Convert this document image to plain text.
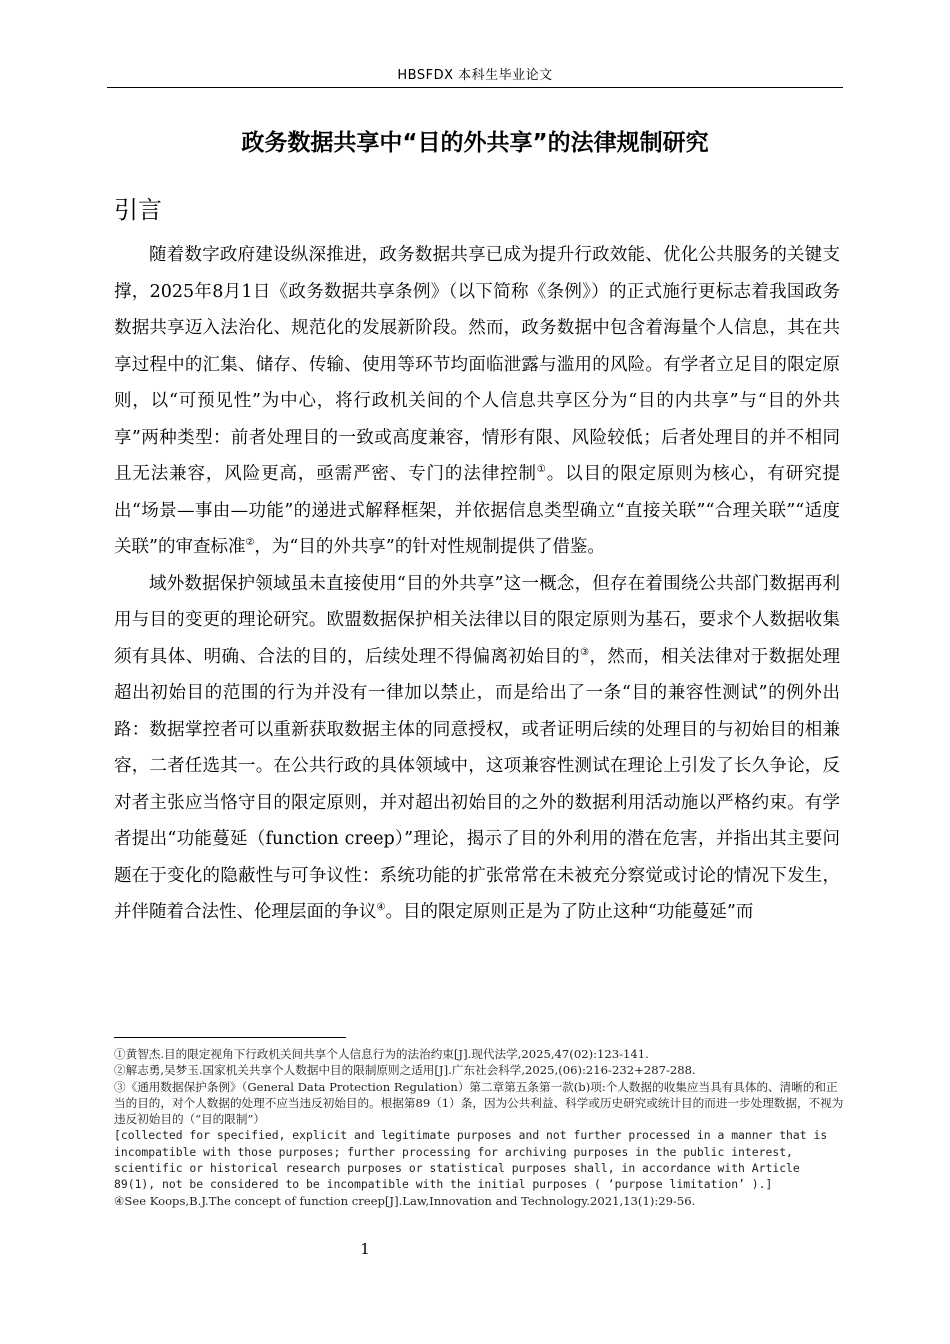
HBSFDX 本科生毕业论文
政务数据共享中“目的外共享”的法律规制研究
引言

随着数字政府建设纵深推进，政务数据共享已成为提升行政效能、优化公共服务的关键支撑，2025年8月1日《政务数据共享条例》（以下简称《条例》）的正式施行更标志着我国政务数据共享迈入法治化、规范化的发展新阶段。然而，政务数据中包含着海量个人信息，其在共享过程中的汇集、储存、传输、使用等环节均面临泄露与滥用的风险。有学者立足目的限定原则，以“可预见性”为中心，将行政机关间的个人信息共享区分为“目的内共享”与“目的外共享”两种类型：前者处理目的一致或高度兼容，情形有限、风险较低；后者处理目的并不相同且无法兼容，风险更高，亟需严密、专门的法律控制①。以目的限定原则为核心，有研究提出“场景—事由—功能”的递进式解释框架，并依据信息类型确立“直接关联”“合理关联”“适度关联”的审查标准②，为“目的外共享”的针对性规制提供了借鉴。

域外数据保护领域虽未直接使用“目的外共享”这一概念，但存在着围绕公共部门数据再利用与目的变更的理论研究。欧盟数据保护相关法律以目的限定原则为基石，要求个人数据收集须有具体、明确、合法的目的，后续处理不得偏离初始目的③，然而，相关法律对于数据处理超出初始目的范围的行为并没有一律加以禁止，而是给出了一条“目的兼容性测试”的例外出路：数据掌控者可以重新获取数据主体的同意授权，或者证明后续的处理目的与初始目的相兼容，二者任选其一。在公共行政的具体领域中，这项兼容性测试在理论上引发了长久争论，反对者主张应当恪守目的限定原则，并对超出初始目的之外的数据利用活动施以严格约束。有学者提出“功能蔓延（function creep）”理论，揭示了目的外利用的潜在危害，并指出其主要问题在于变化的隐蔽性与可争议性：系统功能的扩张常常在未被充分察觉或讨论的情况下发生，并伴随着合法性、伦理层面的争议④。目的限定原则正是为了防止这种“功能蔓延”而

①黄智杰.目的限定视角下行政机关间共享个人信息行为的法治约束[J].现代法学,2025,47(02):123-141.
②解志勇,吴梦玉.国家机关共享个人数据中目的限制原则之适用[J].广东社会科学,2025,(06):216-232+287-288.
③《通用数据保护条例》（General Data Protection Regulation）第二章第五条第一款(b)项:个人数据的收集应当具有具体的、清晰的和正当的目的，对个人数据的处理不应当违反初始目的。根据第89（1）条，因为公共利益、科学或历史研究或统计目的而进一步处理数据，不视为违反初始目的（“目的限制”）
[collected for specified, explicit and legitimate purposes and not further processed in a manner that is incompatible with those purposes; further processing for archiving purposes in the public interest, scientific or historical research purposes or statistical purposes shall, in accordance with Article 89(1), not be considered to be incompatible with the initial purposes ( ‘purpose limitation’ ).]
④See Koops,B.J.The concept of function creep[J].Law,Innovation and Technology.2021,13(1):29-56.
1
